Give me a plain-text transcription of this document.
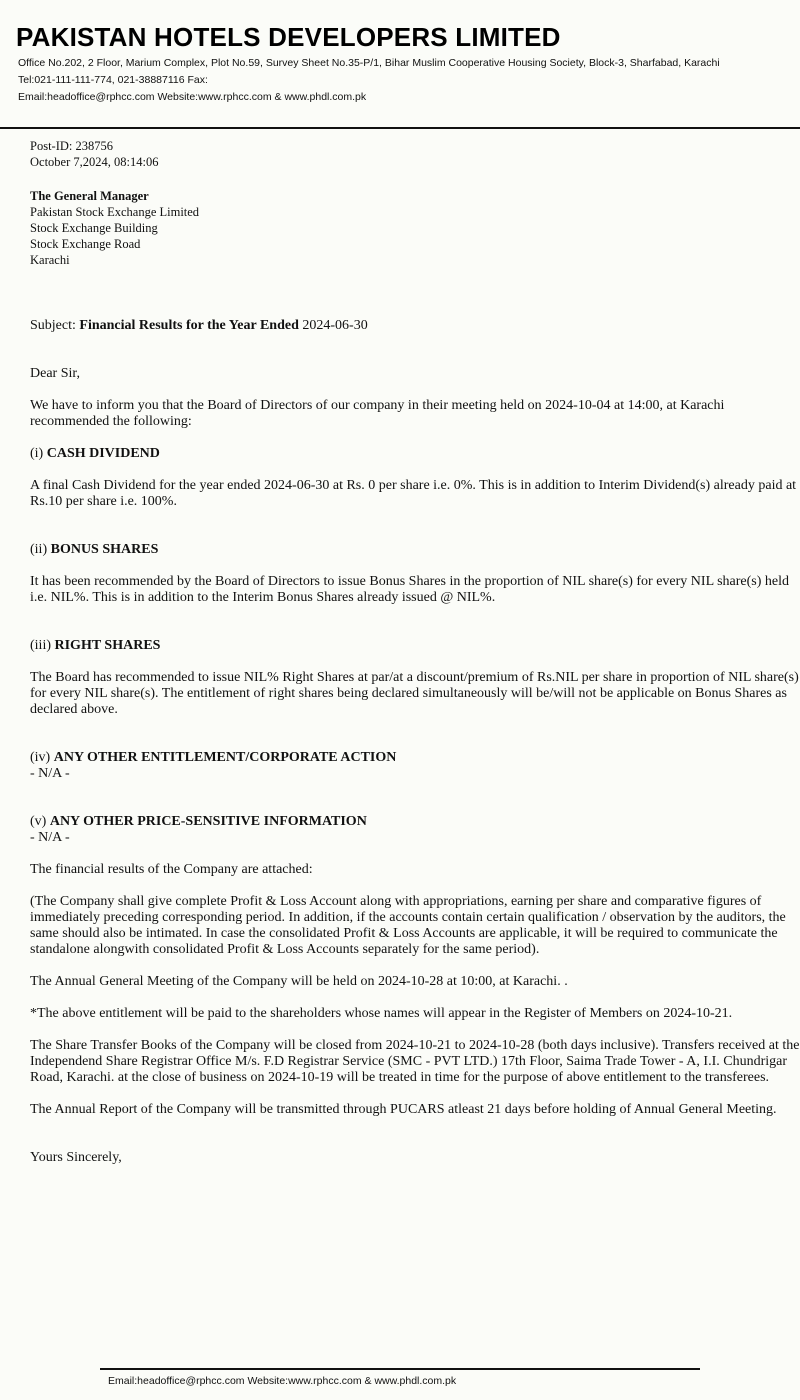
PAKISTAN HOTELS DEVELOPERS LIMITED
Office No.202, 2 Floor, Marium Complex, Plot No.59, Survey Sheet No.35-P/1, Bihar Muslim Cooperative Housing Society, Block-3, Sharfabad, Karachi
Tel:021-111-111-774, 021-38887116 Fax:
Email:headoffice@rphcc.com Website:www.rphcc.com & www.phdl.com.pk

Post-ID: 238756

October 7,2024, 08:14:06

The General Manager

Pakistan Stock Exchange Limited

Stock Exchange Building

Stock Exchange Road

Karachi

Subject: Financial Results for the Year Ended 2024-06-30

Dear Sir,

We have to inform you that the Board of Directors of our company in their meeting held on 2024-10-04 at 14:00, at Karachi recommended the following:

(i) CASH DIVIDEND

A final Cash Dividend for the year ended 2024-06-30 at Rs. 0 per share i.e. 0%. This is in addition to Interim Dividend(s) already paid at Rs.10 per share i.e. 100%.

(ii) BONUS SHARES

It has been recommended by the Board of Directors to issue Bonus Shares in the proportion of NIL share(s) for every NIL share(s) held i.e. NIL%. This is in addition to the Interim Bonus Shares already issued @ NIL%.

(iii) RIGHT SHARES

The Board has recommended to issue NIL% Right Shares at par/at a discount/premium of Rs.NIL per share in proportion of NIL share(s) for every NIL share(s). The entitlement of right shares being declared simultaneously will be/will not be applicable on Bonus Shares as declared above.

(iv) ANY OTHER ENTITLEMENT/CORPORATE ACTION

- N/A -

(v) ANY OTHER PRICE-SENSITIVE INFORMATION

- N/A -

The financial results of the Company are attached:

(The Company shall give complete Profit & Loss Account along with appropriations, earning per share and comparative figures of immediately preceding corresponding period. In addition, if the accounts contain certain qualification / observation by the auditors, the same should also be intimated. In case the consolidated Profit & Loss Accounts are applicable, it will be required to communicate the standalone alongwith consolidated Profit & Loss Accounts separately for the same period).

The Annual General Meeting of the Company will be held on 2024-10-28 at 10:00, at Karachi. .

*The above entitlement will be paid to the shareholders whose names will appear in the Register of Members on 2024-10-21.

The Share Transfer Books of the Company will be closed from 2024-10-21 to 2024-10-28 (both days inclusive). Transfers received at the Independend Share Registrar Office M/s. F.D Registrar Service (SMC - PVT LTD.) 17th Floor, Saima Trade Tower - A, I.I. Chundrigar Road, Karachi. at the close of business on 2024-10-19 will be treated in time for the purpose of above entitlement to the transferees.

The Annual Report of the Company will be transmitted through PUCARS atleast 21 days before holding of Annual General Meeting.

Yours Sincerely,

Email:headoffice@rphcc.com Website:www.rphcc.com & www.phdl.com.pk
